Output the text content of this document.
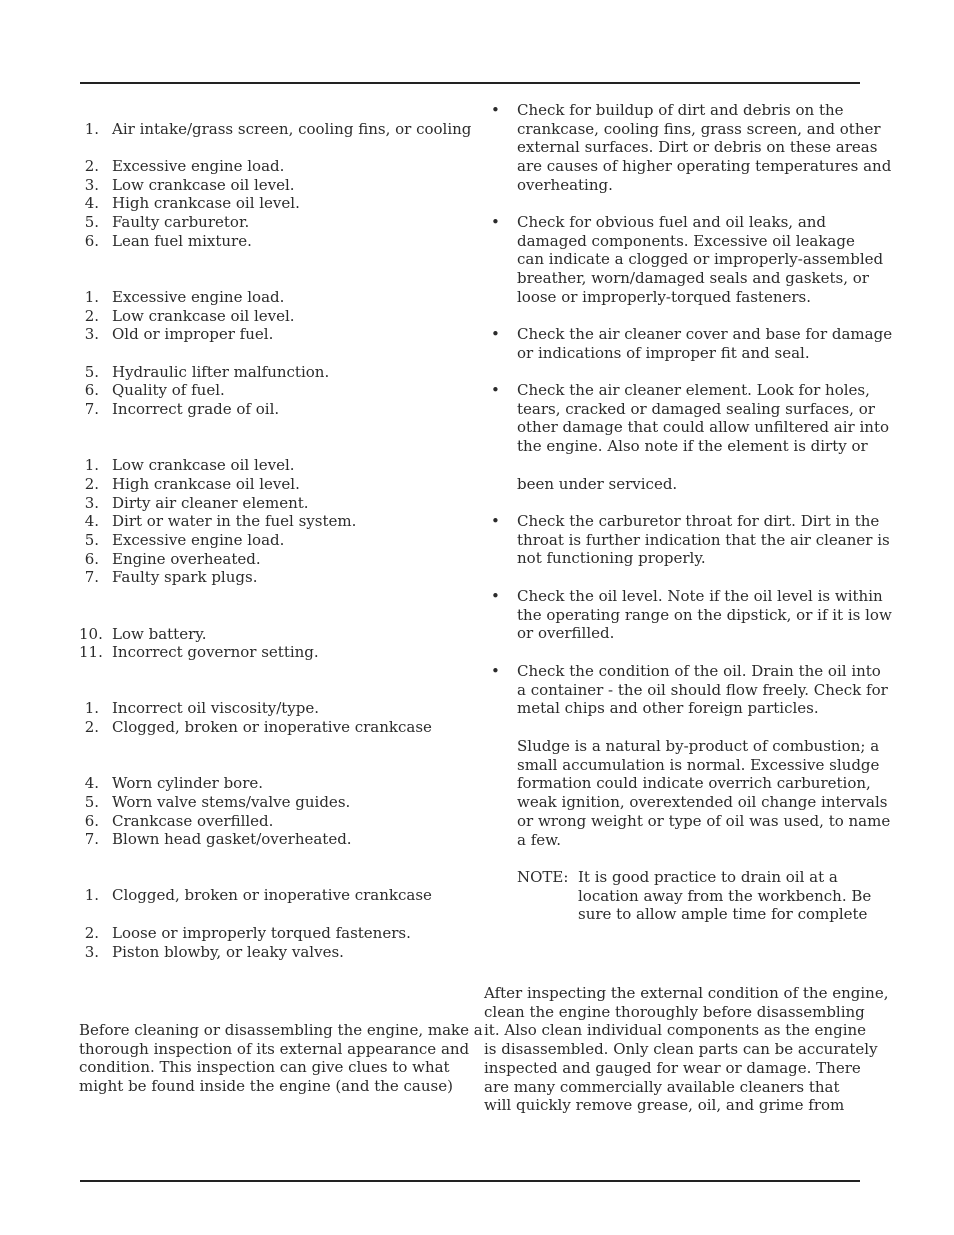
1. Air intake/grass screen, cooling fins, or cooling
2. Excessive engine load.
3. Low crankcase oil level.
4. High crankcase oil level.
5. Faulty carburetor.
6. Lean fuel mixture.
1. Excessive engine load.
2. Low crankcase oil level.
3. Old or improper fuel.
5. Hydraulic lifter malfunction.
6. Quality of fuel.
7. Incorrect grade of oil.
1. Low crankcase oil level.
2. High crankcase oil level.
3. Dirty air cleaner element.
4. Dirt or water in the fuel system.
5. Excessive engine load.
6. Engine overheated.
7. Faulty spark plugs.
10. Low battery.
11. Incorrect governor setting.
1. Incorrect oil viscosity/type.
2. Clogged, broken or inoperative crankcase
4. Worn cylinder bore.
5. Worn valve stems/valve guides.
6. Crankcase overfilled.
7. Blown head gasket/overheated.
1. Clogged, broken or inoperative crankcase
2. Loose or improperly torqued fasteners.
3. Piston blowby, or leaky valves.
Before cleaning or disassembling the engine, make a
thorough inspection of its external appearance and
condition. This inspection can give clues to what
might be found inside the engine (and the cause)
• Check for buildup of dirt and debris on the
crankcase, cooling fins, grass screen, and other
external surfaces. Dirt or debris on these areas
are causes of higher operating temperatures and
overheating.
• Check for obvious fuel and oil leaks, and
damaged components. Excessive oil leakage
can indicate a clogged or improperly-assembled
breather, worn/damaged seals and gaskets, or
loose or improperly-torqued fasteners.
• Check the air cleaner cover and base for damage
or indications of improper fit and seal.
• Check the air cleaner element. Look for holes,
tears, cracked or damaged sealing surfaces, or
other damage that could allow unfiltered air into
the engine. Also note if the element is dirty or
• Check the carburetor throat for dirt. Dirt in the
throat is further indication that the air cleaner is
not functioning properly.
• Check the oil level. Note if the oil level is within
the operating range on the dipstick, or if it is low
or overfilled.
• Check the condition of the oil. Drain the oil into
a container - the oil should flow freely. Check for
metal chips and other foreign particles.
been under serviced.
Sludge is a natural by-product of combustion; a
small accumulation is normal. Excessive sludge
formation could indicate overrich carburetion,
weak ignition, overextended oil change intervals
or wrong weight or type of oil was used, to name
a few.
NOTE: It is good practice to drain oil at a
location away from the workbench. Be
sure to allow ample time for complete
After inspecting the external condition of the engine,
clean the engine thoroughly before disassembling
it. Also clean individual components as the engine
is disassembled. Only clean parts can be accurately
inspected and gauged for wear or damage. There
are many commercially available cleaners that
will quickly remove grease, oil, and grime from
